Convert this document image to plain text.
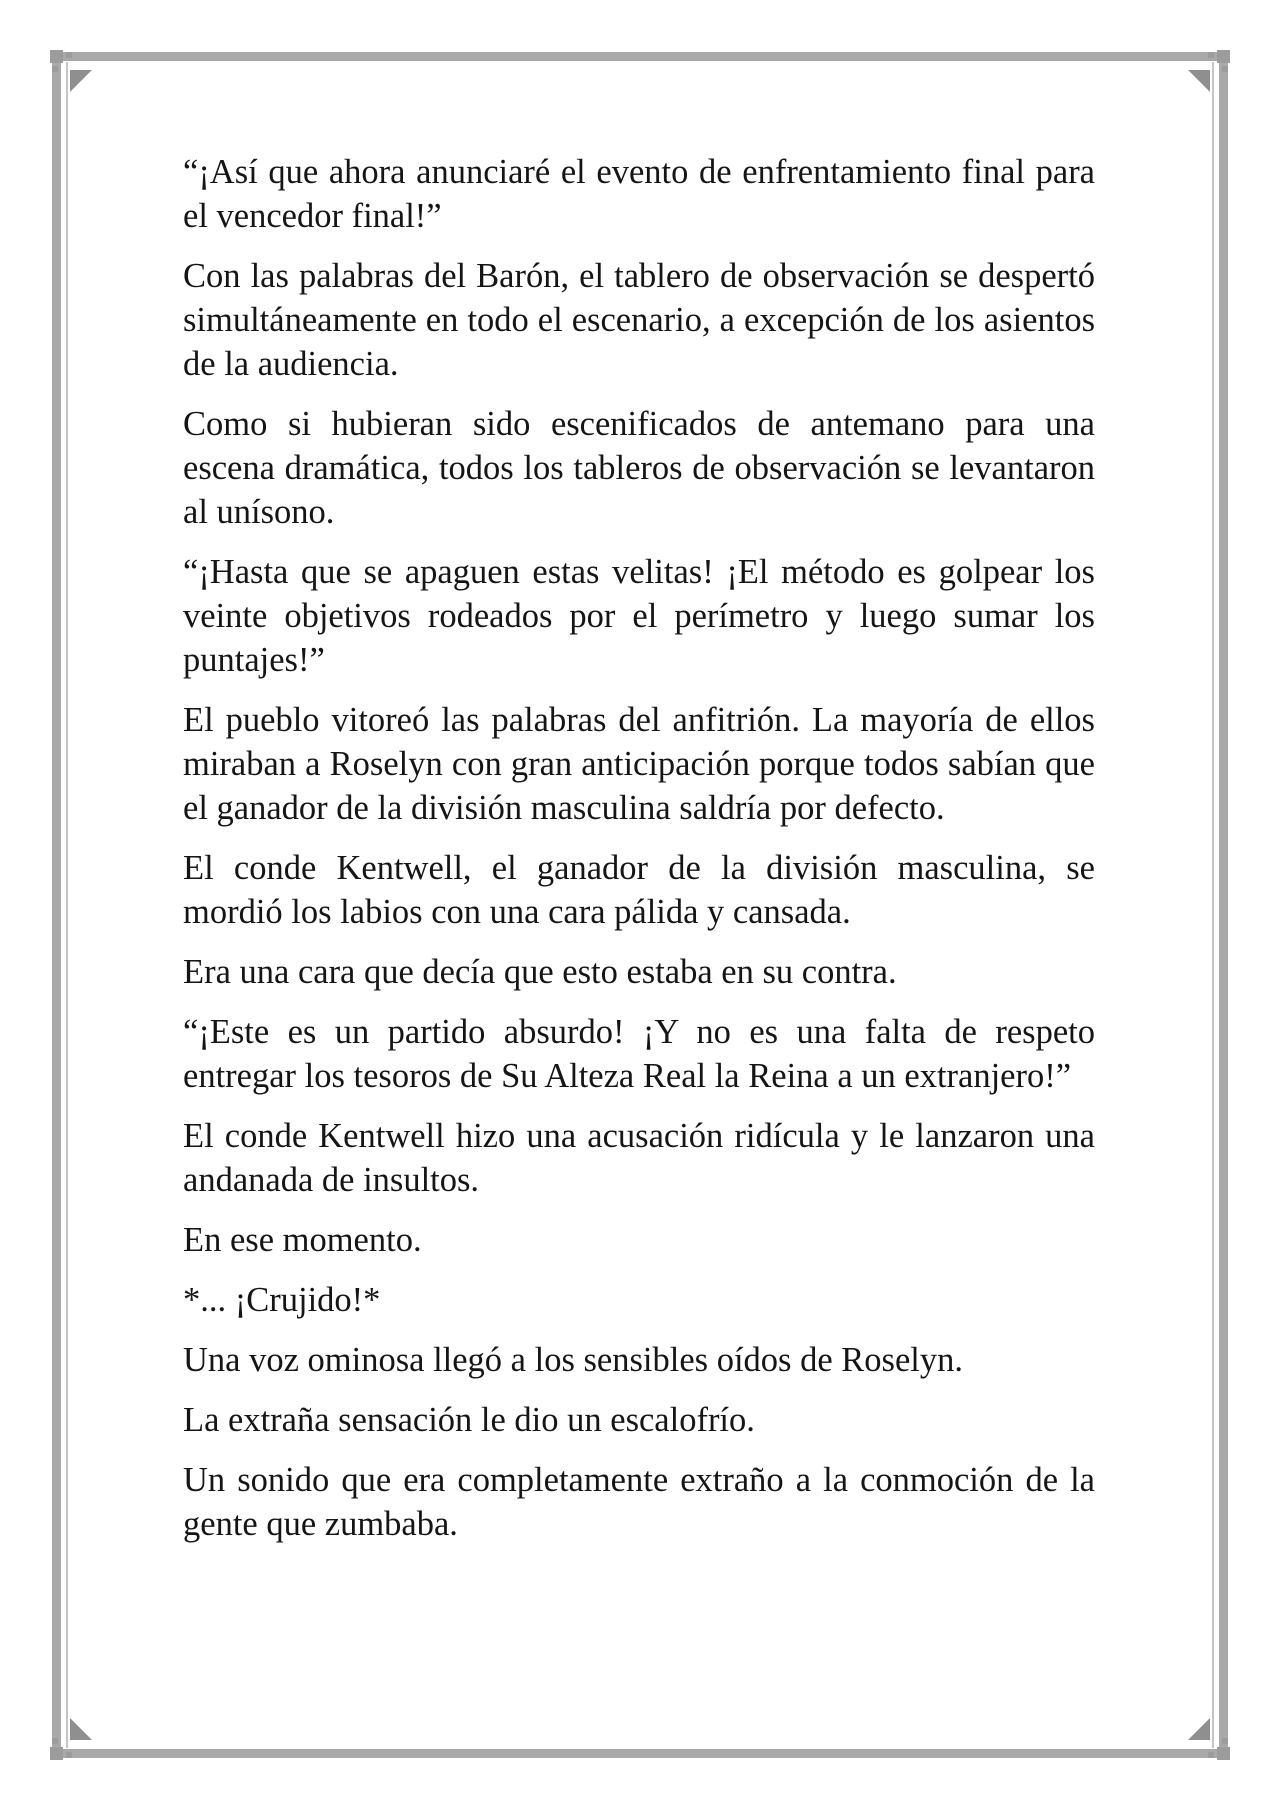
“¡Así que ahora anunciaré el evento de enfrentamiento final para el vencedor final!”

Con las palabras del Barón, el tablero de observación se despertó simultáneamente en todo el escenario, a excepción de los asientos de la audiencia.

Como si hubieran sido escenificados de antemano para una escena dramática, todos los tableros de observación se levantaron al unísono.

“¡Hasta que se apaguen estas velitas! ¡El método es golpear los veinte objetivos rodeados por el perímetro y luego sumar los puntajes!”

El pueblo vitoreó las palabras del anfitrión. La mayoría de ellos miraban a Roselyn con gran anticipación porque todos sabían que el ganador de la división masculina saldría por defecto.

El conde Kentwell, el ganador de la división masculina, se mordió los labios con una cara pálida y cansada.

Era una cara que decía que esto estaba en su contra.

“¡Este es un partido absurdo! ¡Y no es una falta de respeto entregar los tesoros de Su Alteza Real la Reina a un extranjero!”

El conde Kentwell hizo una acusación ridícula y le lanzaron una andanada de insultos.

En ese momento.

*... ¡Crujido!*

Una voz ominosa llegó a los sensibles oídos de Roselyn.

La extraña sensación le dio un escalofrío.

Un sonido que era completamente extraño a la conmoción de la gente que zumbaba.
